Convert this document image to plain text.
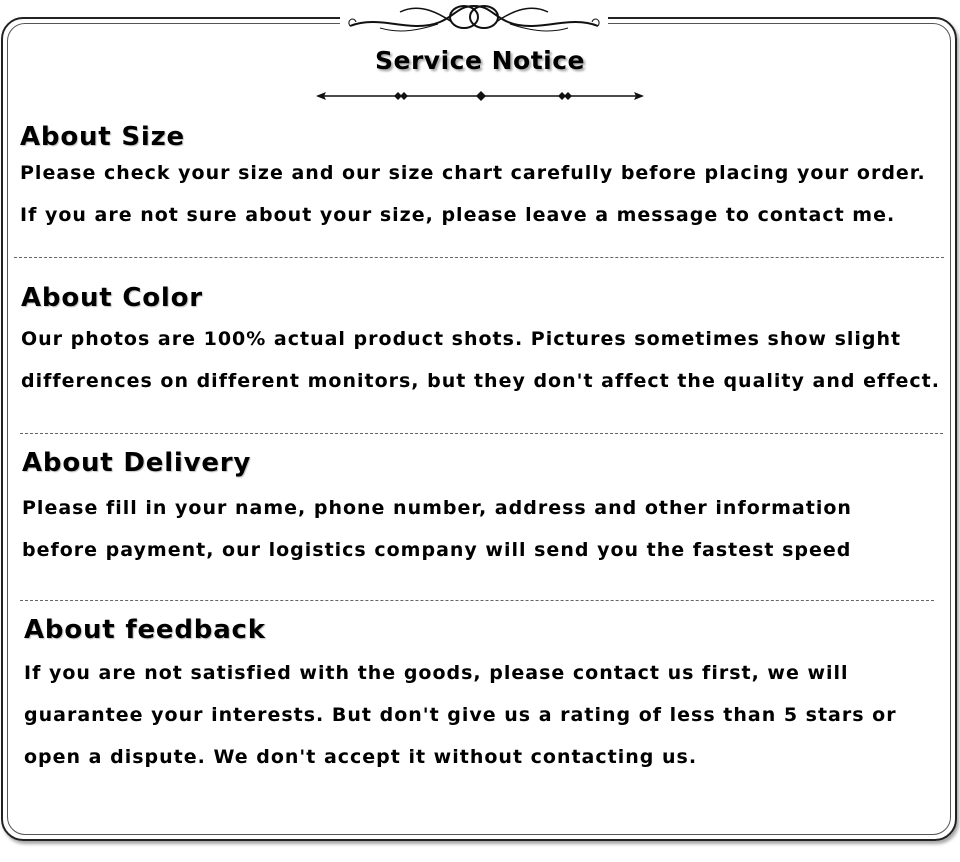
Service Notice
About Size

Please check your size and our size chart carefully before placing your order.

If you are not sure about your size, please leave a message to contact me.

About Color

Our photos are 100% actual product shots. Pictures sometimes show slight

differences on different monitors, but they don't affect the quality and effect.

About Delivery

Please fill in your name, phone number, address and other information

before payment, our logistics company will send you the fastest speed

About feedback

If you are not satisfied with the goods, please contact us first, we will

guarantee your interests. But don't give us a rating of less than 5 stars or

open a dispute. We don't accept it without contacting us.
